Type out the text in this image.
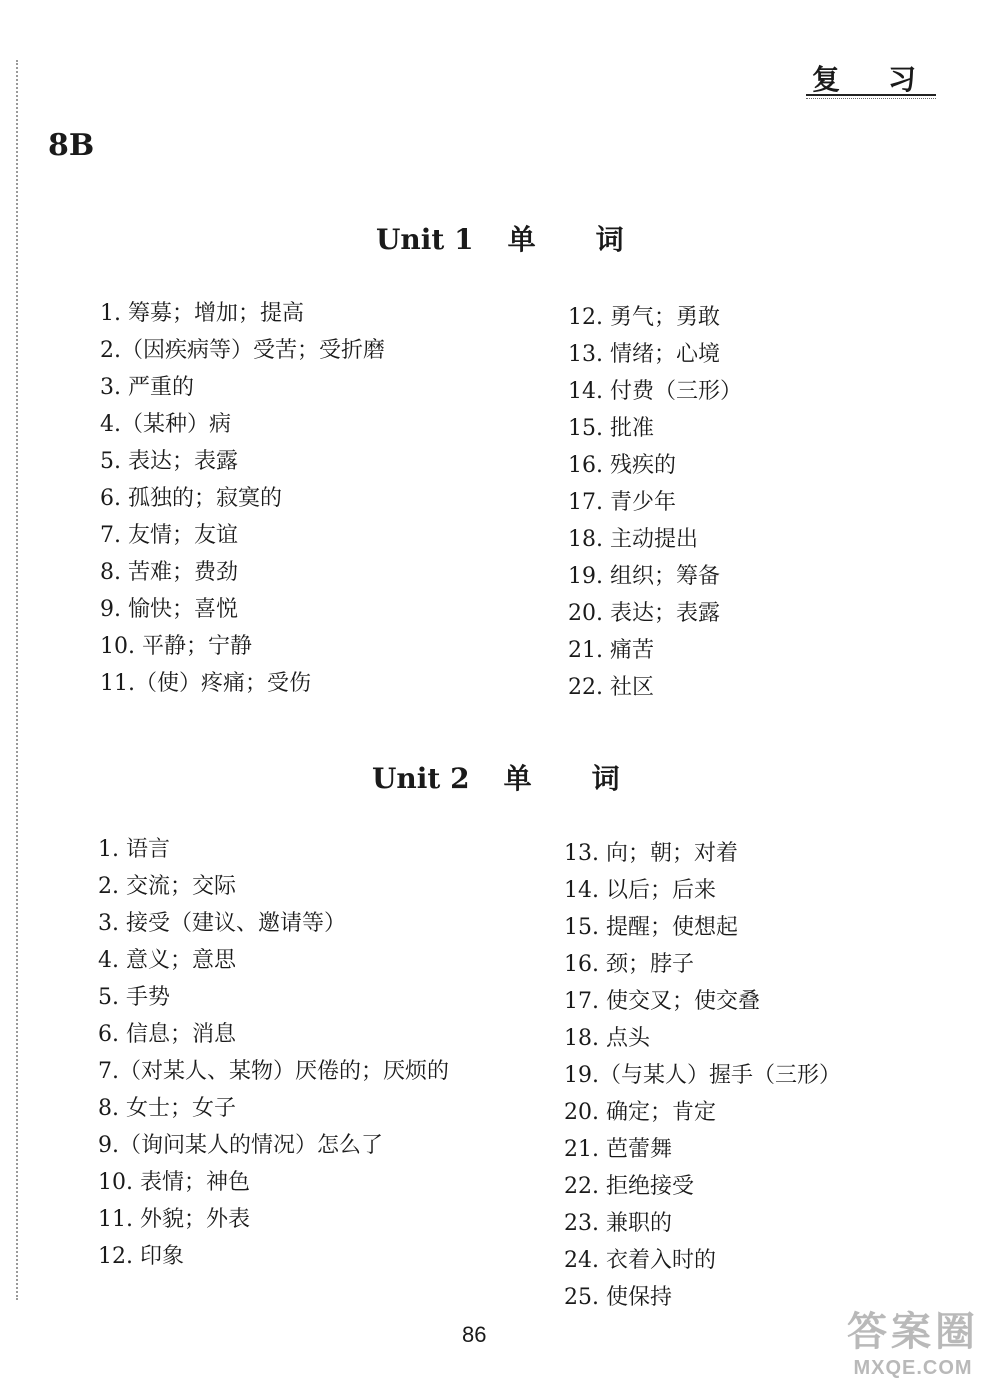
复习
8B
Unit 1 单 词
1. 筹募；增加；提高
2.（因疾病等）受苦；受折磨
3. 严重的
4.（某种）病
5. 表达；表露
6. 孤独的；寂寞的
7. 友情；友谊
8. 苦难；费劲
9. 愉快；喜悦
10. 平静；宁静
11.（使）疼痛；受伤
12. 勇气；勇敢
13. 情绪；心境
14. 付费（三形）
15. 批准
16. 残疾的
17. 青少年
18. 主动提出
19. 组织；筹备
20. 表达；表露
21. 痛苦
22. 社区
Unit 2 单 词
1. 语言
2. 交流；交际
3. 接受（建议、邀请等）
4. 意义；意思
5. 手势
6. 信息；消息
7.（对某人、某物）厌倦的；厌烦的
8. 女士；女子
9.（询问某人的情况）怎么了
10. 表情；神色
11. 外貌；外表
12. 印象
13. 向；朝；对着
14. 以后；后来
15. 提醒；使想起
16. 颈；脖子
17. 使交叉；使交叠
18. 点头
19.（与某人）握手（三形）
20. 确定；肯定
21. 芭蕾舞
22. 拒绝接受
23. 兼职的
24. 衣着入时的
25. 使保持
86	答案圈
MXQE.COM
